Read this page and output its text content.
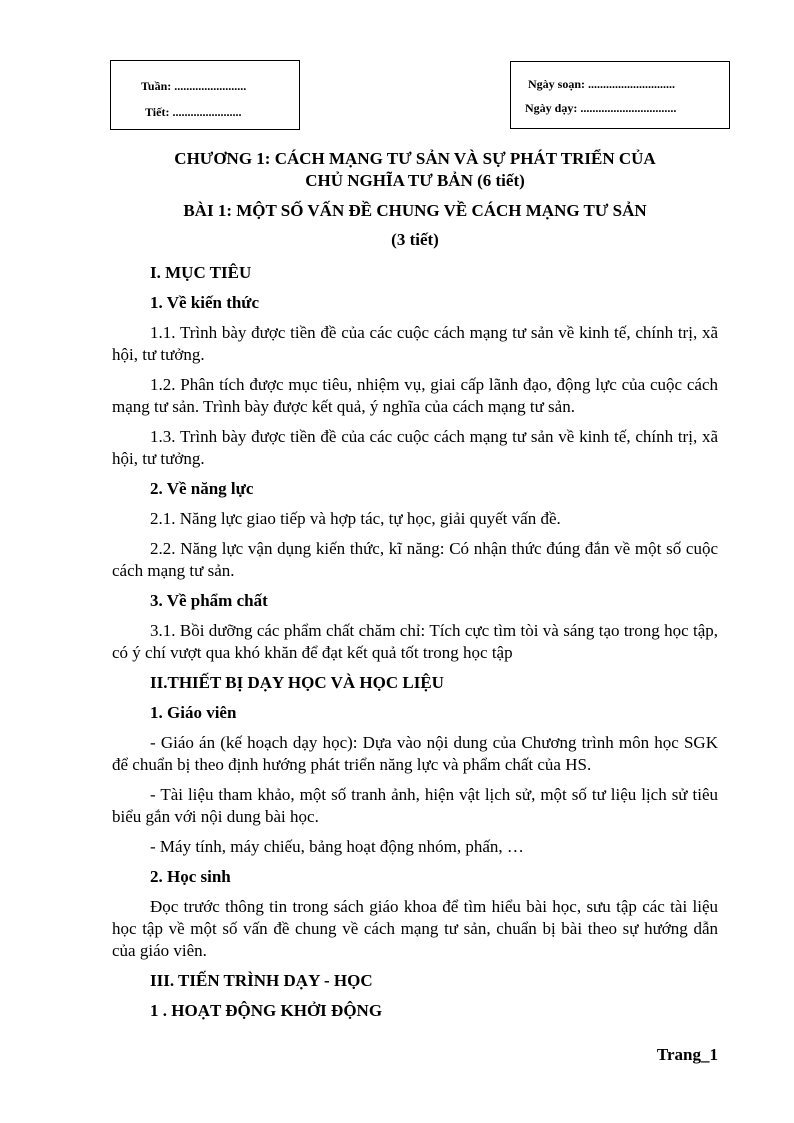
Tuần: ........................
Tiết: .......................
Ngày soạn: .............................
Ngày dạy: ................................
CHƯƠNG 1: CÁCH MẠNG TƯ SẢN VÀ SỰ PHÁT TRIỂN CỦA
CHỦ NGHĨA TƯ BẢN (6 tiết)
BÀI 1: MỘT SỐ VẤN ĐỀ CHUNG VỀ CÁCH MẠNG TƯ SẢN
(3 tiết)
I. MỤC TIÊU
1. Về kiến thức

1.1. Trình bày được tiền đề của các cuộc cách mạng tư sản về kinh tế, chính trị, xã hội, tư tưởng.

1.2. Phân tích được mục tiêu, nhiệm vụ, giai cấp lãnh đạo, động lực của cuộc cách mạng tư sản. Trình bày được kết quả, ý nghĩa của cách mạng tư sản.

1.3. Trình bày được tiền đề của các cuộc cách mạng tư sản về kinh tế, chính trị, xã hội, tư tưởng.

2. Về năng lực

2.1. Năng lực giao tiếp và hợp tác, tự học, giải quyết vấn đề.

2.2. Năng lực vận dụng kiến thức, kĩ năng: Có nhận thức đúng đắn về một số cuộc cách mạng tư sản.

3. Về phẩm chất

3.1. Bồi dưỡng các phẩm chất chăm chỉ: Tích cực tìm tòi và sáng tạo trong học tập, có ý chí vượt qua khó khăn để đạt kết quả tốt trong học tập

II.THIẾT BỊ DẠY HỌC VÀ HỌC LIỆU
1. Giáo viên

- Giáo án (kế hoạch dạy học): Dựa vào nội dung của Chương trình môn học SGK để chuẩn bị theo định hướng phát triển năng lực và phẩm chất của HS.

- Tài liệu tham khảo, một số tranh ảnh, hiện vật lịch sử, một số tư liệu lịch sử tiêu biểu gắn với nội dung bài học.

- Máy tính, máy chiếu, bảng hoạt động nhóm, phấn, …

2. Học sinh

Đọc trước thông tin trong sách giáo khoa để tìm hiểu bài học, sưu tập các tài liệu học tập về một số vấn đề chung về cách mạng tư sản, chuẩn bị bài theo sự hướng dẫn của giáo viên.

III. TIẾN TRÌNH DẠY - HỌC
1 . HOẠT ĐỘNG KHỞI ĐỘNG
Trang_1
